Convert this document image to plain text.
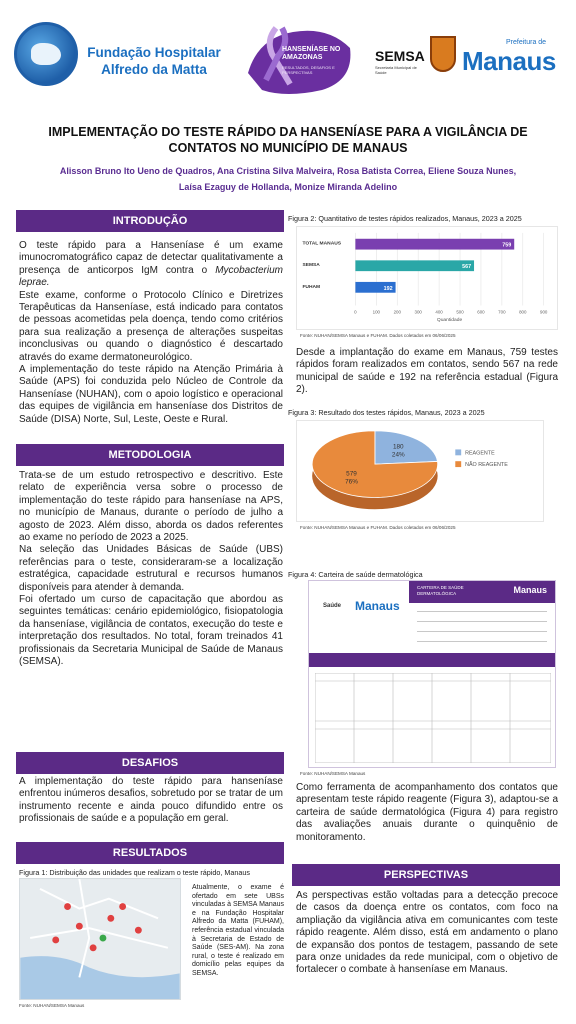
Fundação Hospitalar Alfredo da Matta
HANSENÍASE NO AMAZONAS
RESULTADOS, DESAFIOS E PERSPECTIVAS
SEMSA
Secretaria Municipal de Saúde
Prefeitura de
Manaus
IMPLEMENTAÇÃO DO TESTE RÁPIDO DA HANSENÍASE PARA A VIGILÂNCIA DE CONTATOS NO MUNICÍPIO DE MANAUS
Alisson Bruno Ito Ueno de Quadros, Ana Cristina Silva Malveira, Rosa Batista Correa, Eliene Souza Nunes, Laísa Ezaguy de Hollanda, Monize Miranda Adelino
INTRODUÇÃO

O teste rápido para a Hanseníase é um exame imunocromatográfico capaz de detectar qualitativamente a presença de anticorpos IgM contra o Mycobacterium leprae.

Este exame, conforme o Protocolo Clínico e Diretrizes Terapêuticas da Hanseníase, está indicado para contatos de pessoas acometidas pela doença, tendo como critérios para sua realização a presença de alterações suspeitas inconclusivas ou quando o diagnóstico é descartado através do exame dermatoneurológico.

A implementação do teste rápido na Atenção Primária à Saúde (APS) foi conduzida pelo Núcleo de Controle da Hanseníase (NUHAN), com o apoio logístico e operacional das equipes de vigilância em hanseníase dos Distritos de Saúde (DISA) Norte, Sul, Leste, Oeste e Rural.

METODOLOGIA

Trata-se de um estudo retrospectivo e descritivo. Este relato de experiência versa sobre o processo de implementação do teste rápido para hanseníase na APS, no município de Manaus, durante o período de julho a agosto de 2023. Além disso, aborda os dados referentes ao exame no período de 2023 a 2025.

Na seleção das Unidades Básicas de Saúde (UBS) referências para o teste, consideraram-se a localização estratégica, capacidade estrutural e recursos humanos disponíveis para atender à demanda.

Foi ofertado um curso de capacitação que abordou as seguintes temáticas: cenário epidemiológico, fisiopatologia da hanseníase, vigilância de contatos, execução do teste e interpretação dos resultados. No total, foram treinados 41 profissionais da Secretaria Municipal de Saúde de Manaus (SEMSA).

DESAFIOS
A implementação do teste rápido para hanseníase enfrentou inúmeros desafios, sobretudo por se tratar de um instrumento recente e ainda pouco difundido entre os profissionais de saúde e a população em geral.
RESULTADOS
Figura 1: Distribuição das unidades que realizam o teste rápido, Manaus
Fonte: NUHAN/SEMSA Manaus
Atualmente, o exame é ofertado em sete UBSs vinculadas à SEMSA Manaus e na Fundação Hospitalar Alfredo da Matta (FUHAM), referência estadual vinculada à Secretaria de Estado de Saúde (SES-AM). Na zona rural, o teste é realizado em domicílio pelas equipes da SEMSA.
Figura 2: Quantitativo de testes rápidos realizados, Manaus, 2023 a 2025
0	100	200	300	400	500	600	700	800	900
TOTAL MANAUS	759
SEMSA	567
FUHAM	192
Quantidade
Fonte: NUHAN/SEMSA Manaus e FUHAM. Dados coletados em 06/06/2025
Desde a implantação do exame em Manaus, 759 testes rápidos foram realizados em contatos, sendo 567 na rede municipal de saúde e 192 na referência estadual (Figura 2).
Figura 3: Resultado dos testes rápidos, Manaus, 2023 a 2025
180
24%
579
76%
REAGENTE
NÃO REAGENTE
Fonte: NUHAN/SEMSA Manaus e FUHAM. Dados coletados em 06/06/2025
Figura 4: Carteira de saúde dermatológica
Saúde Manaus
CARTEIRA DE SAÚDE DERMATOLÓGICA	Manaus
Fonte: NUHAN/SEMSA Manaus
Como ferramenta de acompanhamento dos contatos que apresentam teste rápido reagente (Figura 3), adaptou-se a carteira de saúde dermatológica (Figura 4) para registro das avaliações anuais durante o quinquênio de monitoramento.
PERSPECTIVAS
As perspectivas estão voltadas para a detecção precoce de casos da doença entre os contatos, com foco na ampliação da vigilância ativa em comunicantes com teste rápido reagente. Além disso, está em andamento o plano de expansão dos pontos de testagem, passando de sete para onze unidades da rede municipal, com o objetivo de fortalecer o combate à hanseníase em Manaus.
